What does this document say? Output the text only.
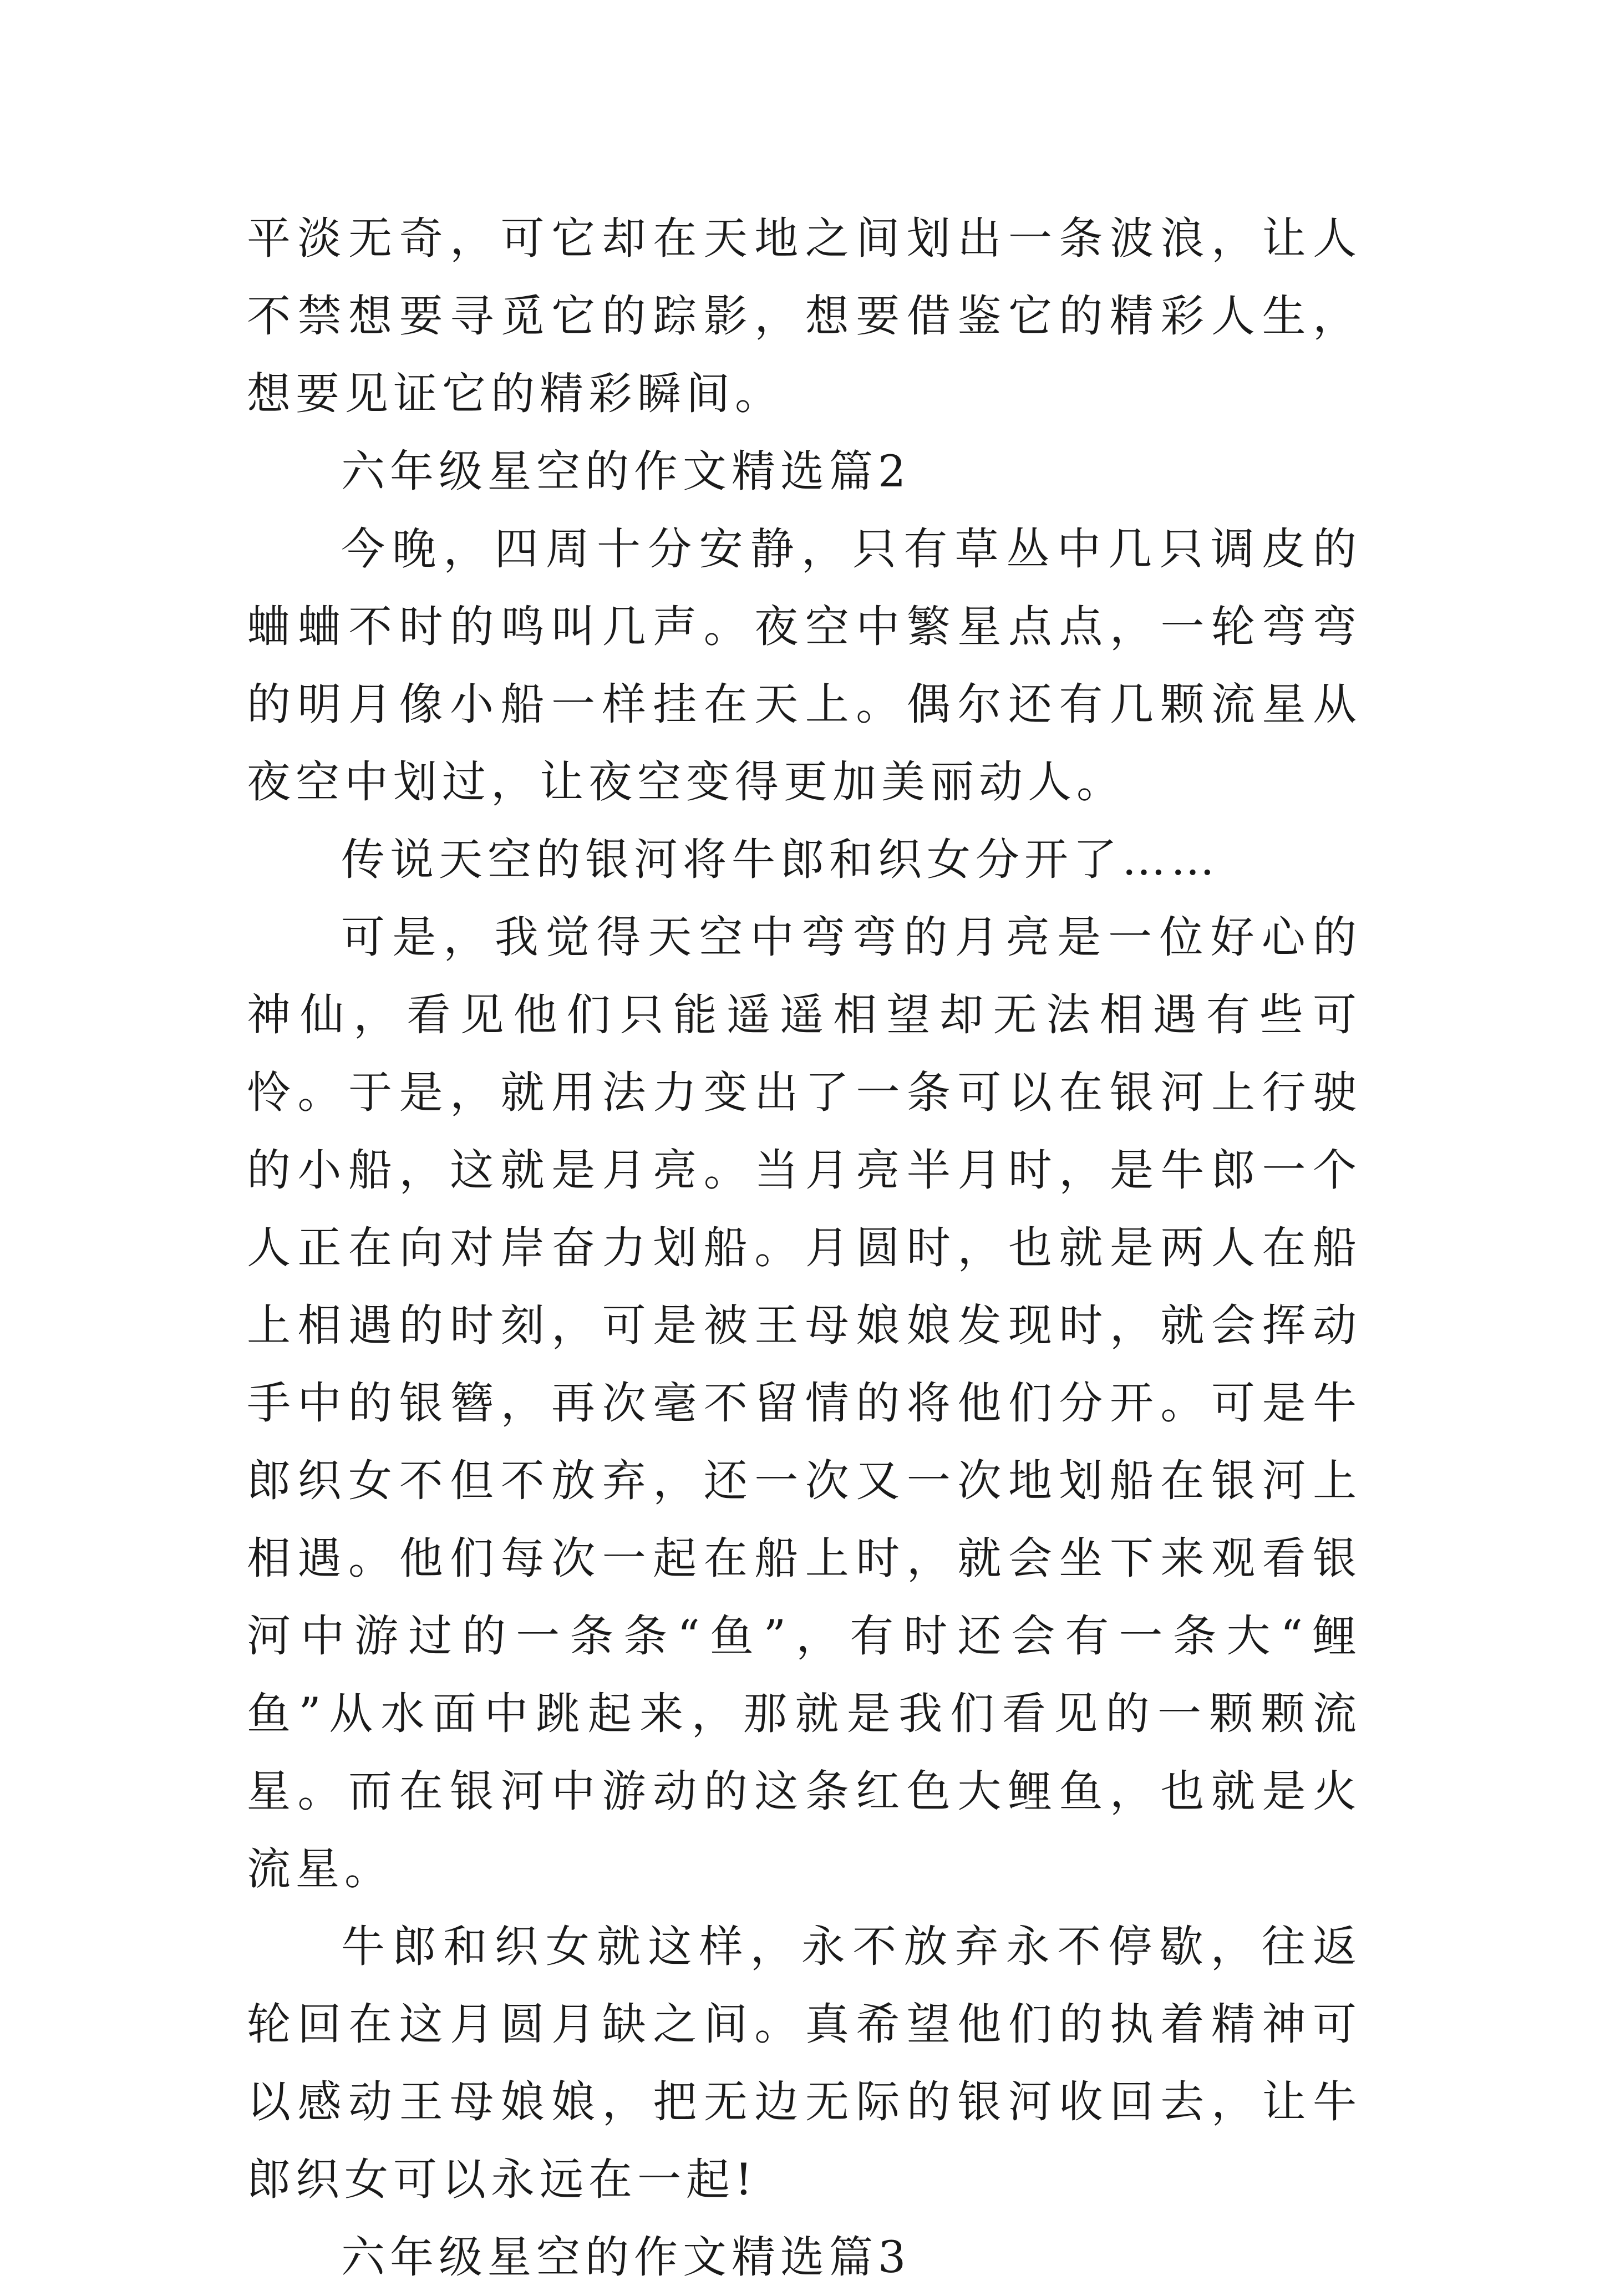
平淡无奇，可它却在天地之间划出一条波浪，让人不禁想要寻觅它的踪影，想要借鉴它的精彩人生，想要见证它的精彩瞬间。

六年级星空的作文精选篇2

今晚，四周十分安静，只有草丛中几只调皮的蛐蛐不时的鸣叫几声。夜空中繁星点点，一轮弯弯的明月像小船一样挂在天上。偶尔还有几颗流星从夜空中划过，让夜空变得更加美丽动人。

传说天空的银河将牛郎和织女分开了……

可是，我觉得天空中弯弯的月亮是一位好心的神仙，看见他们只能遥遥相望却无法相遇有些可怜。于是，就用法力变出了一条可以在银河上行驶的小船，这就是月亮。当月亮半月时，是牛郎一个人正在向对岸奋力划船。月圆时，也就是两人在船上相遇的时刻，可是被王母娘娘发现时，就会挥动手中的银簪，再次毫不留情的将他们分开。可是牛郎织女不但不放弃，还一次又一次地划船在银河上相遇。他们每次一起在船上时，就会坐下来观看银河中游过的一条条“鱼”，有时还会有一条大“鲤鱼”从水面中跳起来，那就是我们看见的一颗颗流星。而在银河中游动的这条红色大鲤鱼，也就是火流星。

牛郎和织女就这样，永不放弃永不停歇，往返轮回在这月圆月缺之间。真希望他们的执着精神可以感动王母娘娘，把无边无际的银河收回去，让牛郎织女可以永远在一起!

六年级星空的作文精选篇3
